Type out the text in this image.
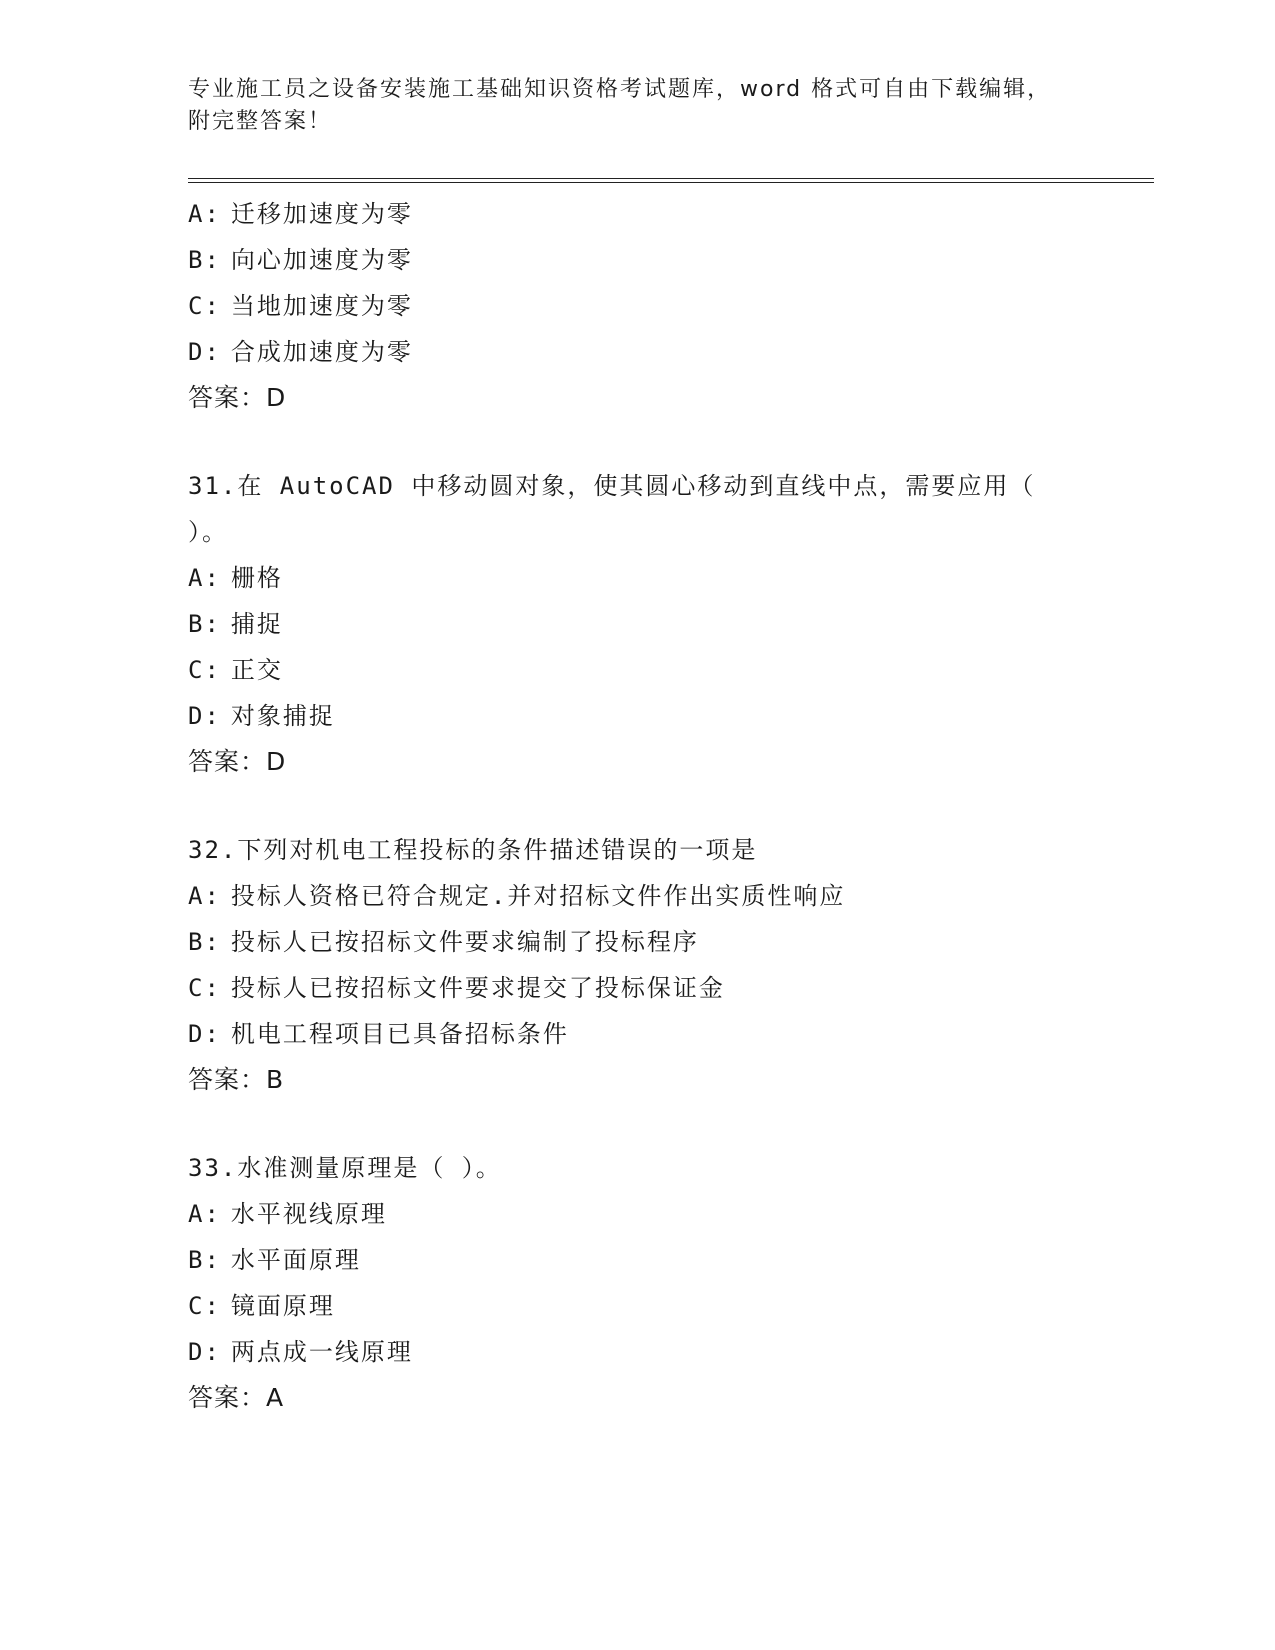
专业施工员之设备安装施工基础知识资格考试题库，word 格式可自由下载编辑，
附完整答案！
A: 迁移加速度为零
B: 向心加速度为零
C: 当地加速度为零
D: 合成加速度为零
答案：D
31.在 AutoCAD 中移动圆对象，使其圆心移动到直线中点，需要应用（
）。
A: 栅格
B: 捕捉
C: 正交
D: 对象捕捉
答案：D
32.下列对机电工程投标的条件描述错误的一项是
A: 投标人资格已符合规定.并对招标文件作出实质性响应
B: 投标人已按招标文件要求编制了投标程序
C: 投标人已按招标文件要求提交了投标保证金
D: 机电工程项目已具备招标条件
答案：B
33.水准测量原理是（ ）。
A: 水平视线原理
B: 水平面原理
C: 镜面原理
D: 两点成一线原理
答案：A
